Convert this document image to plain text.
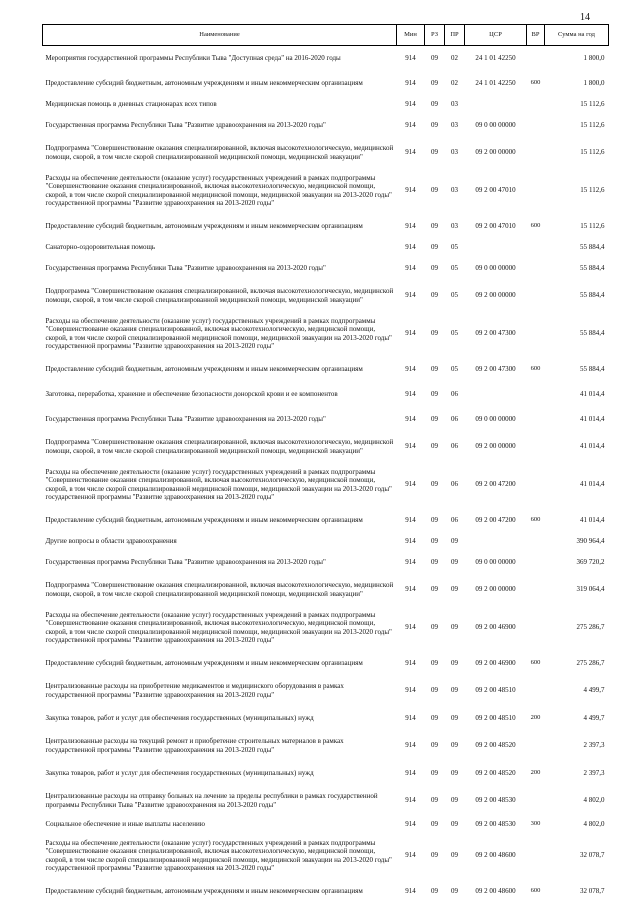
14
Наименование	Мин	РЗ	ПР	ЦСР	ВР	Сумма на год
Мероприятия государственной программы Республики Тыва "Доступная среда" на 2016-2020 годы	914	09	02	24 1 01 42250		1 800,0
Предоставление субсидий бюджетным, автономным учреждениям и иным некоммерческим организациям	914	09	02	24 1 01 42250	600	1 800,0
Медицинская помощь в дневных стационарах всех типов	914	09	03			15 112,6
Государственная программа Республики Тыва "Развитие здравоохранения на 2013-2020 годы"	914	09	03	09 0 00 00000		15 112,6
Подпрограмма "Совершенствование оказания специализированной, включая высокотехнологическую, медицинской помощи, скорой, в том числе скорой специализированной медицинской помощи, медицинской эвакуации"	914	09	03	09 2 00 00000		15 112,6
Расходы на обеспечение деятельности (оказание услуг) государственных учреждений в рамках подпрограммы "Совершенствование оказания специализированной, включая высокотехнологическую, медицинской помощи, скорой, в том числе скорой специализированной медицинской помощи, медицинской эвакуации на 2013-2020 годы" государственной программы "Развитие здравоохранения на 2013-2020 годы"	914	09	03	09 2 00 47010		15 112,6
Предоставление субсидий бюджетным, автономным учреждениям и иным некоммерческим организациям	914	09	03	09 2 00 47010	600	15 112,6
Санаторно-оздоровительная помощь	914	09	05			55 884,4
Государственная программа Республики Тыва "Развитие здравоохранения на 2013-2020 годы"	914	09	05	09 0 00 00000		55 884,4
Подпрограмма "Совершенствование оказания специализированной, включая высокотехнологическую, медицинской помощи, скорой, в том числе скорой специализированной медицинской помощи, медицинской эвакуации"	914	09	05	09 2 00 00000		55 884,4
Расходы на обеспечение деятельности (оказание услуг) государственных учреждений в рамках подпрограммы "Совершенствование оказания специализированной, включая высокотехнологическую, медицинской помощи, скорой, в том числе скорой специализированной медицинской помощи, медицинской эвакуации на 2013-2020 годы" государственной программы "Развитие здравоохранения на 2013-2020 годы"	914	09	05	09 2 00 47300		55 884,4
Предоставление субсидий бюджетным, автономным учреждениям и иным некоммерческим организациям	914	09	05	09 2 00 47300	600	55 884,4
Заготовка, переработка, хранение и обеспечение безопасности донорской крови и ее компонентов	914	09	06			41 014,4
Государственная программа Республики Тыва "Развитие здравоохранения на 2013-2020 годы"	914	09	06	09 0 00 00000		41 014,4
Подпрограмма "Совершенствование оказания специализированной, включая высокотехнологическую, медицинской помощи, скорой, в том числе скорой специализированной медицинской помощи, медицинской эвакуации"	914	09	06	09 2 00 00000		41 014,4
Расходы на обеспечение деятельности (оказание услуг) государственных учреждений в рамках подпрограммы "Совершенствование оказания специализированной, включая высокотехнологическую, медицинской помощи, скорой, в том числе скорой специализированной медицинской помощи, медицинской эвакуации на 2013-2020 годы" государственной программы "Развитие здравоохранения на 2013-2020 годы"	914	09	06	09 2 00 47200		41 014,4
Предоставление субсидий бюджетным, автономным учреждениям и иным некоммерческим организациям	914	09	06	09 2 00 47200	600	41 014,4
Другие вопросы в области здравоохранения	914	09	09			390 964,4
Государственная программа Республики Тыва "Развитие здравоохранения на 2013-2020 годы"	914	09	09	09 0 00 00000		369 720,2
Подпрограмма "Совершенствование оказания специализированной, включая высокотехнологическую, медицинской помощи, скорой, в том числе скорой специализированной медицинской помощи, медицинской эвакуации"	914	09	09	09 2 00 00000		319 064,4
Расходы на обеспечение деятельности (оказание услуг) государственных учреждений в рамках подпрограммы "Совершенствование оказания специализированной, включая высокотехнологическую, медицинской помощи, скорой, в том числе скорой специализированной медицинской помощи, медицинской эвакуации на 2013-2020 годы" государственной программы "Развитие здравоохранения на 2013-2020 годы"	914	09	09	09 2 00 46900		275 286,7
Предоставление субсидий бюджетным, автономным учреждениям и иным некоммерческим организациям	914	09	09	09 2 00 46900	600	275 286,7
Централизованные расходы на приобретение медикаментов и медицинского оборудования в рамках государственной программы "Развитие здравоохранения на 2013-2020 годы"	914	09	09	09 2 00 48510		4 499,7
Закупка товаров, работ и услуг для обеспечения государственных (муниципальных) нужд	914	09	09	09 2 00 48510	200	4 499,7
Централизованные расходы на текущий ремонт и приобретение строительных материалов в рамках государственной программы "Развитие здравоохранения на 2013-2020 годы"	914	09	09	09 2 00 48520		2 397,3
Закупка товаров, работ и услуг для обеспечения государственных (муниципальных) нужд	914	09	09	09 2 00 48520	200	2 397,3
Централизованные расходы на отправку больных на лечение за пределы республики в рамках государственной программы Республики Тыва "Развитие здравоохранения на 2013-2020 годы"	914	09	09	09 2 00 48530		4 802,0
Социальное обеспечение и иные выплаты населению	914	09	09	09 2 00 48530	300	4 802,0
Расходы на обеспечение деятельности (оказание услуг) государственных учреждений в рамках подпрограммы "Совершенствование оказания специализированной, включая высокотехнологическую, медицинской помощи, скорой, в том числе скорой специализированной медицинской помощи, медицинской эвакуации на 2013-2020 годы" государственной программы "Развитие здравоохранения на 2013-2020 годы"	914	09	09	09 2 00 48600		32 078,7
Предоставление субсидий бюджетным, автономным учреждениям и иным некоммерческим организациям	914	09	09	09 2 00 48600	600	32 078,7
